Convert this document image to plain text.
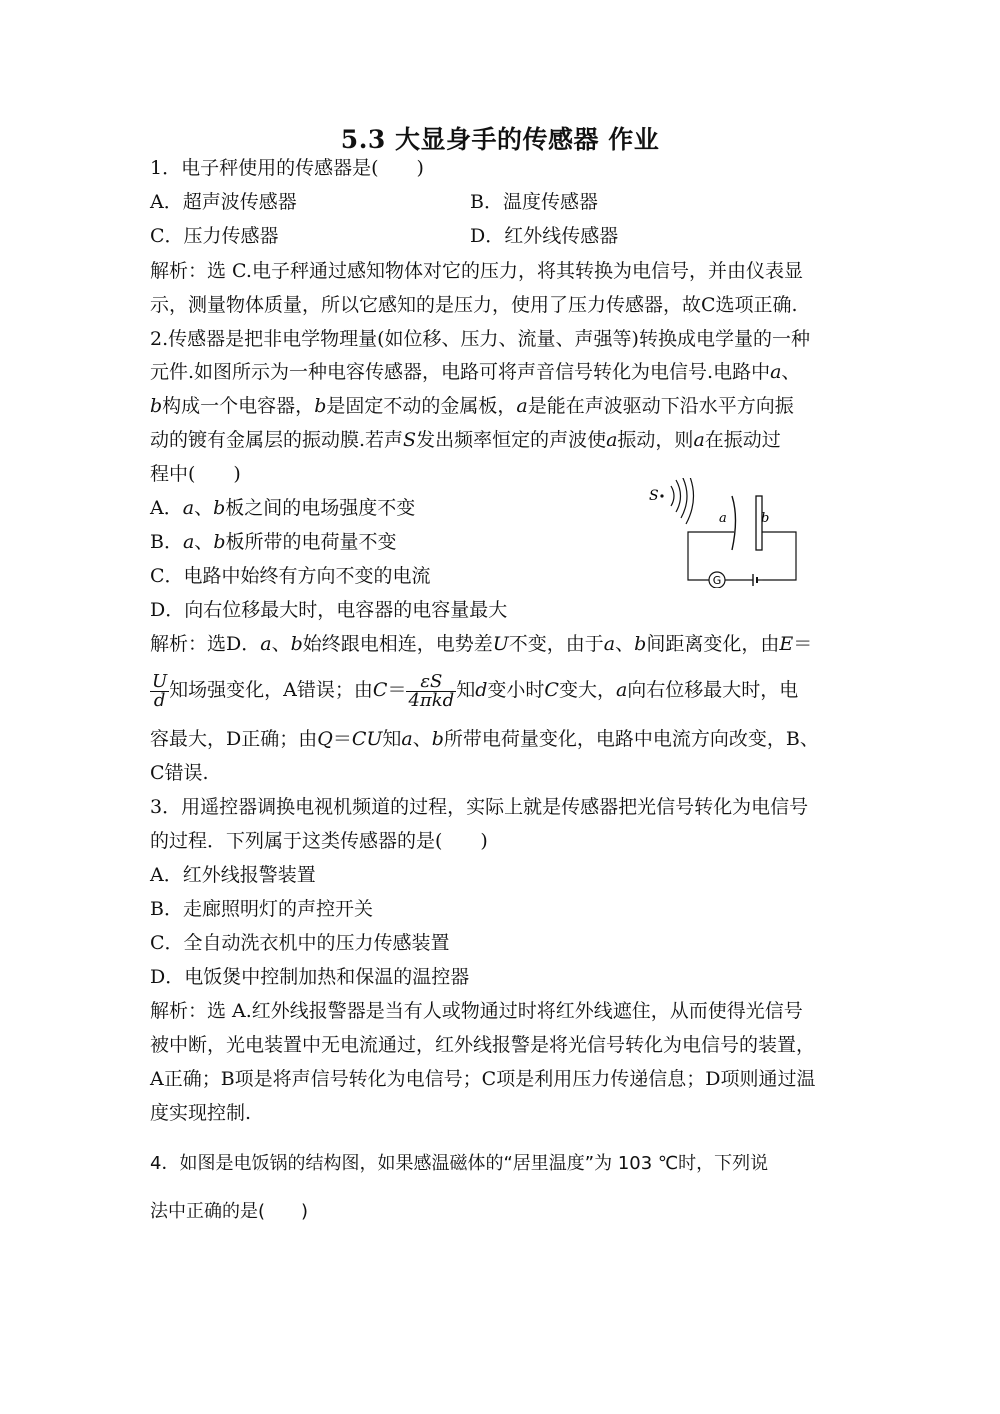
5.3 大显身手的传感器 作业
1．电子秤使用的传感器是(　　)
A．超声波传感器	B．温度传感器
C．压力传感器	D．红外线传感器
解析：选 C.电子秤通过感知物体对它的压力，将其转换为电信号，并由仪表显
示，测量物体质量，所以它感知的是压力，使用了压力传感器，故C选项正确.
2.传感器是把非电学物理量(如位移、压力、流量、声强等)转换成电学量的一种
元件.如图所示为一种电容传感器，电路可将声音信号转化为电信号.电路中a、
b构成一个电容器，b是固定不动的金属板，a是能在声波驱动下沿水平方向振
动的镀有金属层的振动膜.若声S发出频率恒定的声波使a振动，则a在振动过
程中(　　)
A．a、b板之间的电场强度不变
B．a、b板所带的电荷量不变
C．电路中始终有方向不变的电流
D．向右位移最大时，电容器的电容量最大
S
a	b
G
解析：选D．a、b始终跟电相连，电势差U不变，由于a、b间距离变化，由E＝
$\frac{U}{d}$ 知场强变化，A错误；由$C= \frac{\varepsilon S}{\text{4πkd}}$ 知d变小时C变大，a向右位移最大时，电
容最大，D正确；由Q＝CU知a、b所带电荷量变化，电路中电流方向改变，B、
C错误.
3．用遥控器调换电视机频道的过程，实际上就是传感器把光信号转化为电信号
的过程．下列属于这类传感器的是(　　)
A．红外线报警装置
B．走廊照明灯的声控开关
C．全自动洗衣机中的压力传感装置
D．电饭煲中控制加热和保温的温控器
解析：选 A.红外线报警器是当有人或物通过时将红外线遮住，从而使得光信号
被中断，光电装置中无电流通过，红外线报警是将光信号转化为电信号的装置，
A正确；B项是将声信号转化为电信号；C项是利用压力传递信息；D项则通过温
度实现控制.
4．如图是电饭锅的结构图，如果感温磁体的“居里温度”为 103 ℃时，下列说
法中正确的是(　　)
